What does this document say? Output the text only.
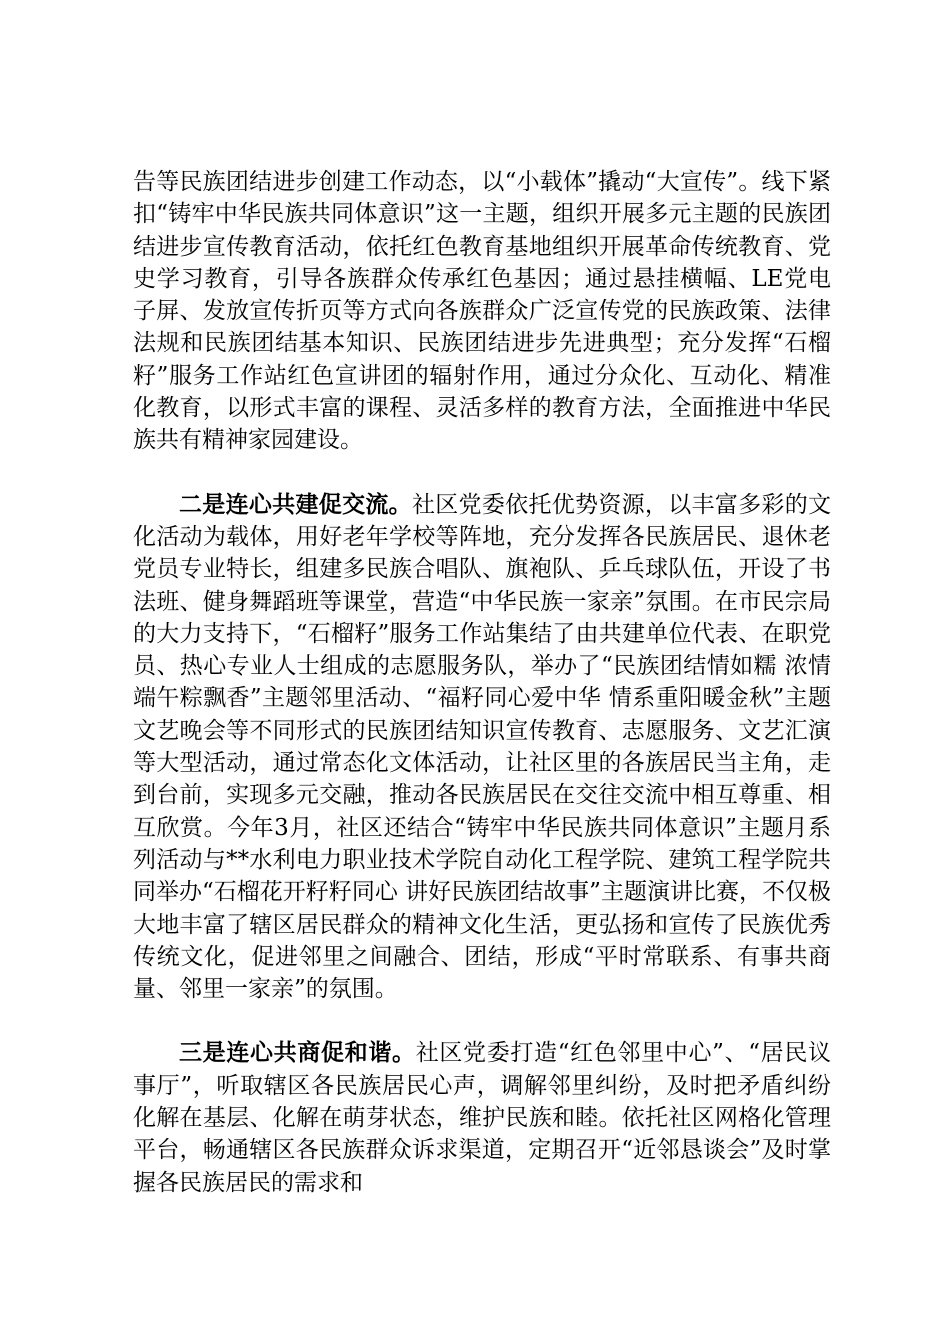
告等民族团结进步创建工作动态，以“小载体”撬动“大宣传”。线下紧扣“铸牢中华民族共同体意识”这一主题，组织开展多元主题的民族团结进步宣传教育活动，依托红色教育基地组织开展革命传统教育、党史学习教育，引导各族群众传承红色基因；通过悬挂横幅、LE党电子屏、发放宣传折页等方式向各族群众广泛宣传党的民族政策、法律法规和民族团结基本知识、民族团结进步先进典型；充分发挥“石榴籽”服务工作站红色宣讲团的辐射作用，通过分众化、互动化、精准化教育，以形式丰富的课程、灵活多样的教育方法，全面推进中华民族共有精神家园建设。

二是连心共建促交流。社区党委依托优势资源，以丰富多彩的文化活动为载体，用好老年学校等阵地，充分发挥各民族居民、退休老党员专业特长，组建多民族合唱队、旗袍队、乒乓球队伍，开设了书法班、健身舞蹈班等课堂，营造“中华民族一家亲”氛围。在市民宗局的大力支持下，“石榴籽”服务工作站集结了由共建单位代表、在职党员、热心专业人士组成的志愿服务队，举办了“民族团结情如糯 浓情端午粽飘香”主题邻里活动、“福籽同心爱中华 情系重阳暖金秋”主题文艺晚会等不同形式的民族团结知识宣传教育、志愿服务、文艺汇演等大型活动，通过常态化文体活动，让社区里的各族居民当主角，走到台前，实现多元交融，推动各民族居民在交往交流中相互尊重、相互欣赏。今年3月，社区还结合“铸牢中华民族共同体意识”主题月系列活动与**水利电力职业技术学院自动化工程学院、建筑工程学院共同举办“石榴花开籽籽同心 讲好民族团结故事”主题演讲比赛，不仅极大地丰富了辖区居民群众的精神文化生活，更弘扬和宣传了民族优秀传统文化，促进邻里之间融合、团结，形成“平时常联系、有事共商量、邻里一家亲”的氛围。

三是连心共商促和谐。社区党委打造“红色邻里中心”、“居民议事厅”，听取辖区各民族居民心声，调解邻里纠纷，及时把矛盾纠纷化解在基层、化解在萌芽状态，维护民族和睦。依托社区网格化管理平台，畅通辖区各民族群众诉求渠道，定期召开“近邻恳谈会”及时掌握各民族居民的需求和
